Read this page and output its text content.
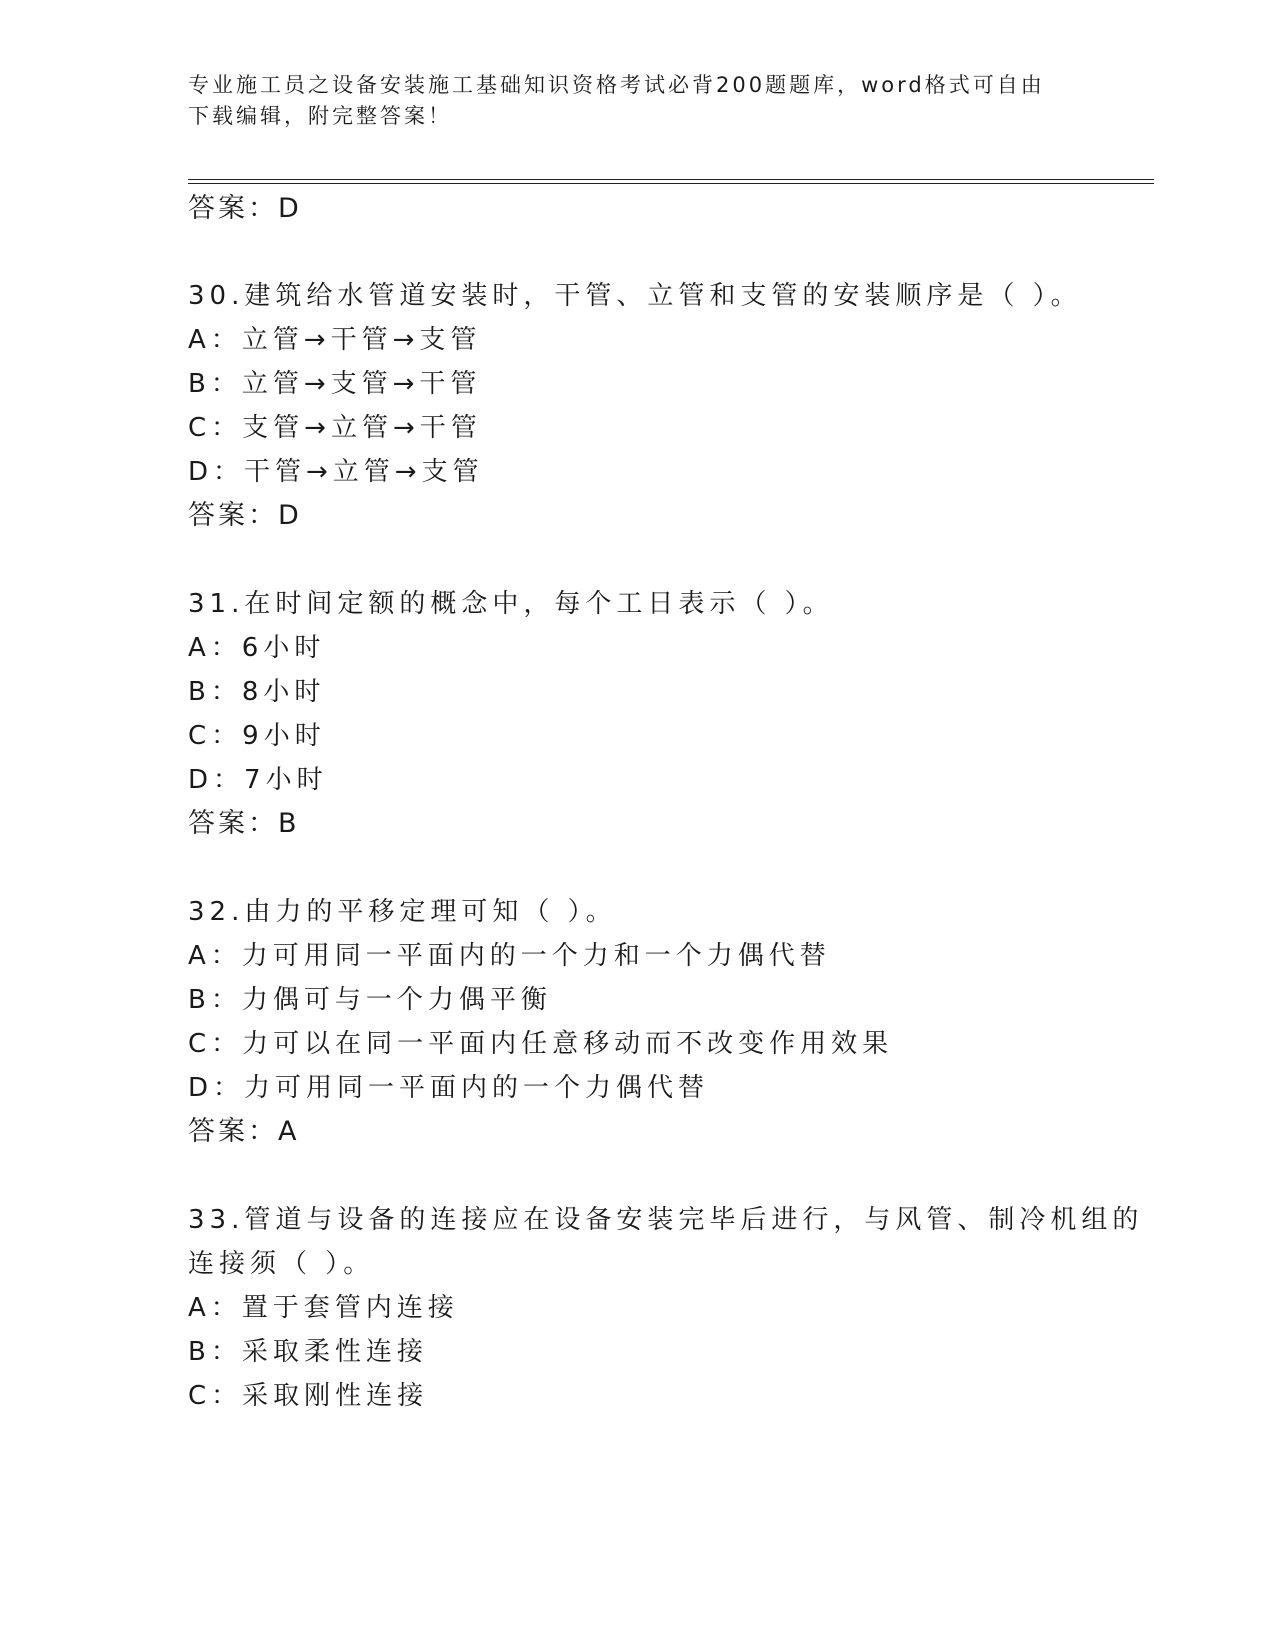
专业施工员之设备安装施工基础知识资格考试必背200题题库，word格式可自由
下载编辑，附完整答案！
答案：D
30.建筑给水管道安装时，干管、立管和支管的安装顺序是（ ）。
A：立管→干管→支管
B：立管→支管→干管
C：支管→立管→干管
D：干管→立管→支管
答案：D
31.在时间定额的概念中，每个工日表示（ ）。
A：6小时
B：8小时
C：9小时
D：7小时
答案：B
32.由力的平移定理可知（ ）。
A：力可用同一平面内的一个力和一个力偶代替
B：力偶可与一个力偶平衡
C：力可以在同一平面内任意移动而不改变作用效果
D：力可用同一平面内的一个力偶代替
答案：A
33.管道与设备的连接应在设备安装完毕后进行，与风管、制冷机组的
连接须（ ）。
A：置于套管内连接
B：采取柔性连接
C：采取刚性连接
